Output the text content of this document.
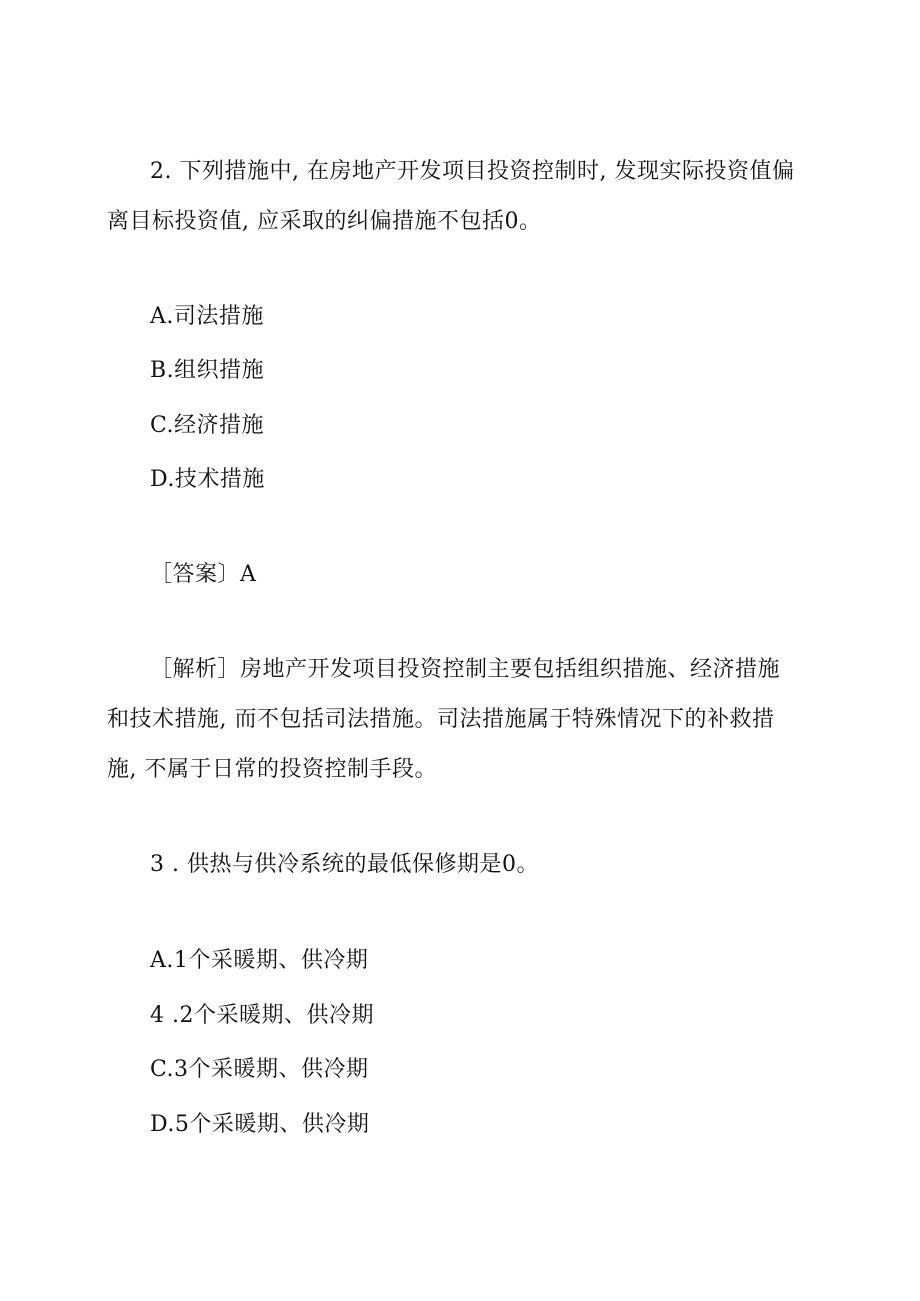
2. 下列措施中, 在房地产开发项目投资控制时, 发现实际投资值偏
离目标投资值, 应采取的纠偏措施不包括0。
A.司法措施
B.组织措施
C.经济措施
D.技术措施
［答案〕A
［解析］房地产开发项目投资控制主要包括组织措施、经济措施
和技术措施, 而不包括司法措施。司法措施属于特殊情况下的补救措
施, 不属于日常的投资控制手段。
3 . 供热与供冷系统的最低保修期是0。
A.1个采暖期、供冷期
4 .2个采暖期、供冷期
C.3个采暖期、供冷期
D.5个采暖期、供冷期
